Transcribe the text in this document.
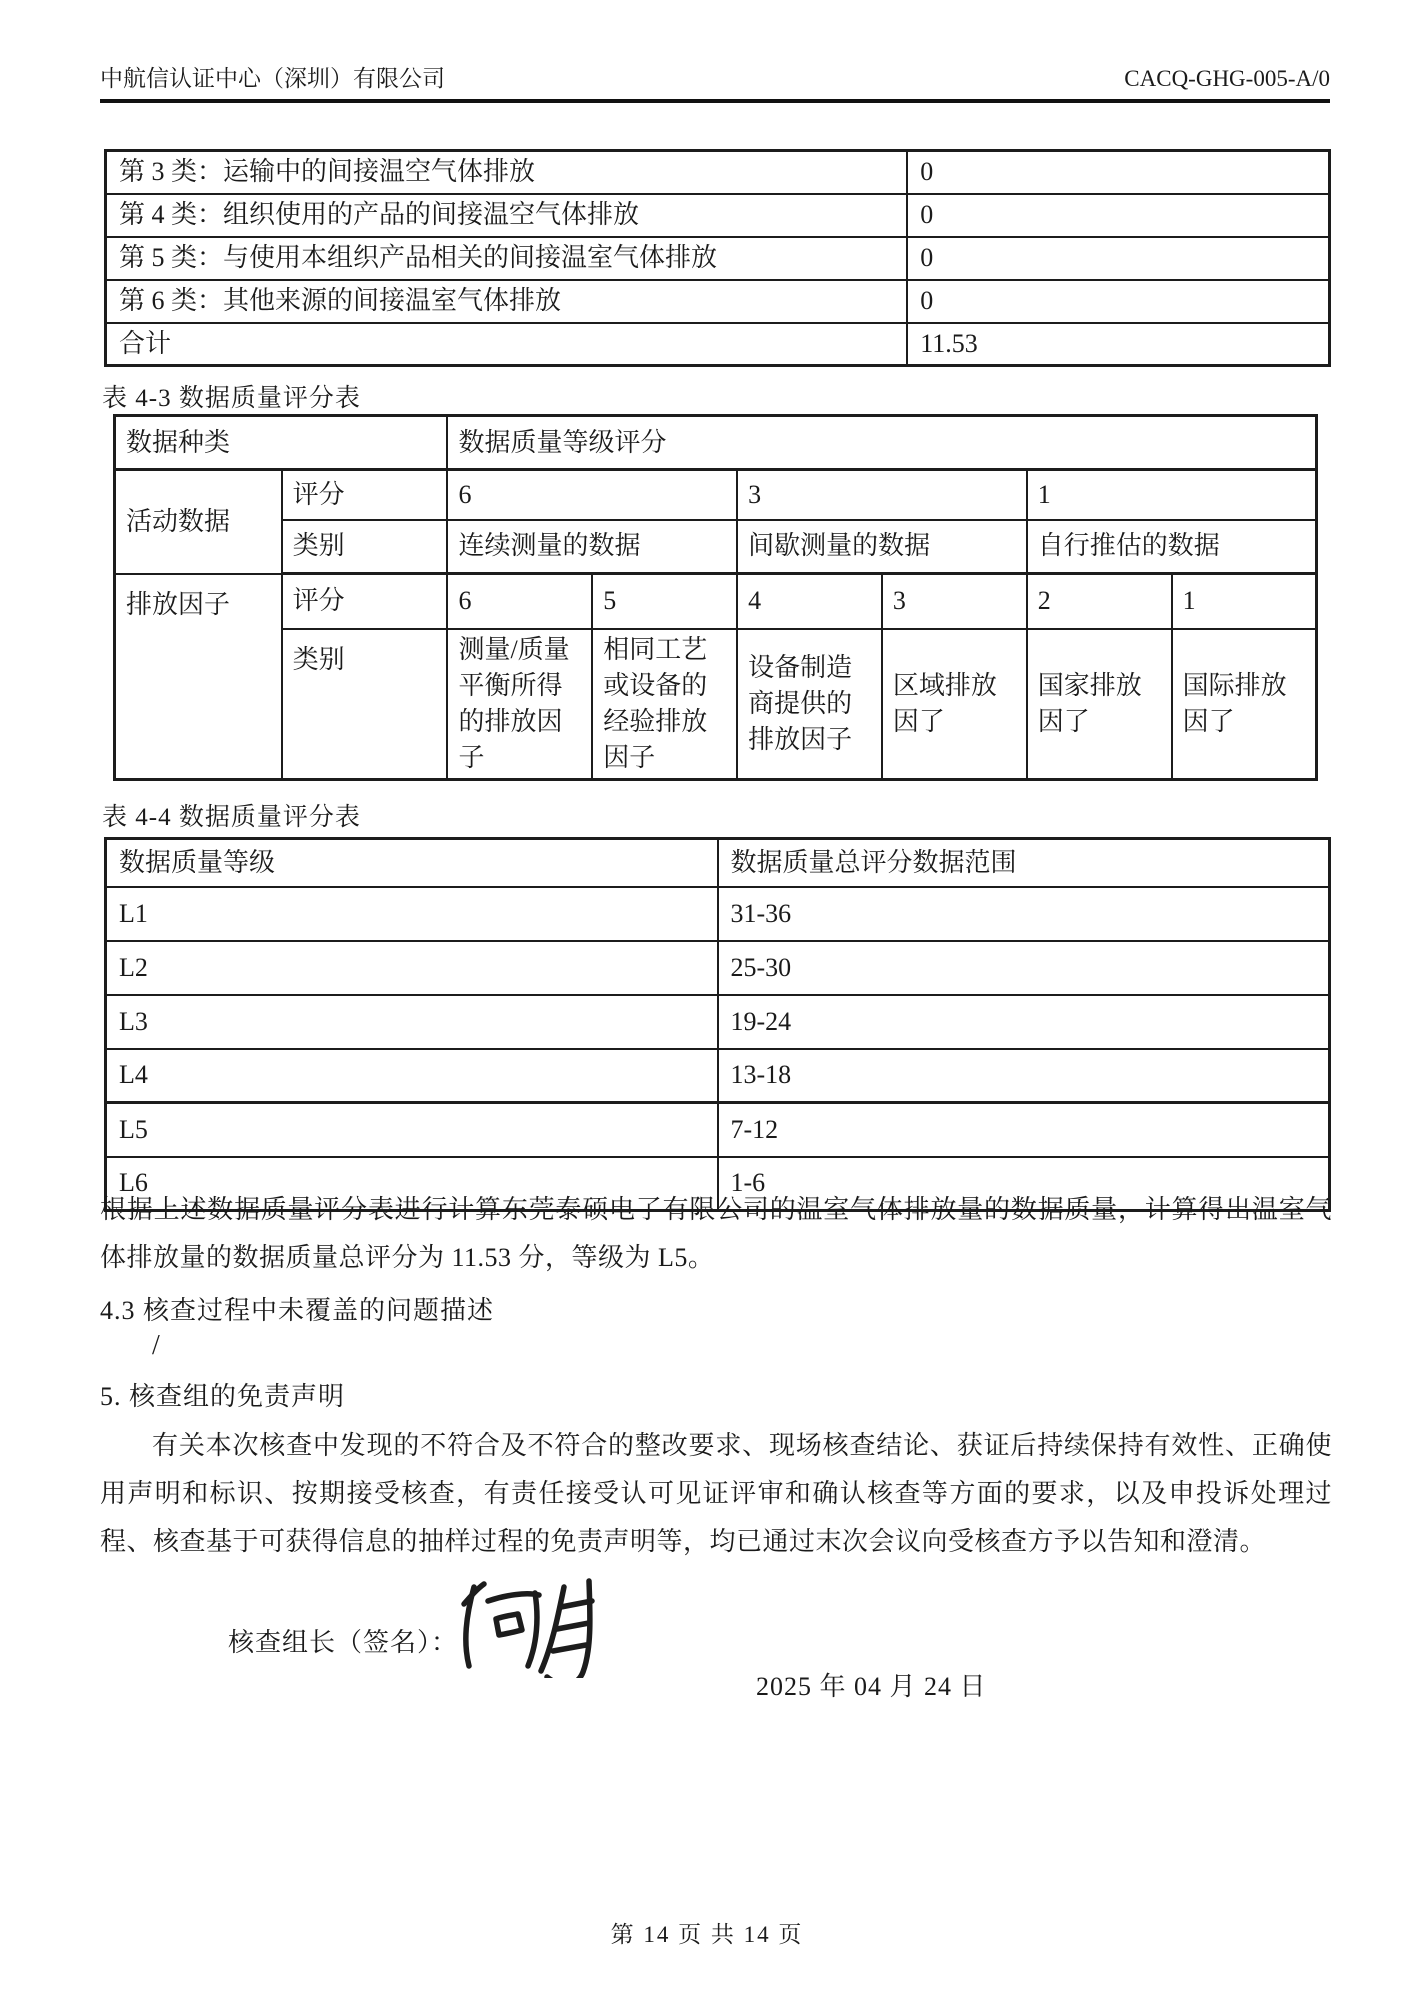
中航信认证中心（深圳）有限公司	CACQ-GHG-005-A/0
第 3 类：运输中的间接温空气体排放	0
第 4 类：组织使用的产品的间接温空气体排放	0
第 5 类：与使用本组织产品相关的间接温室气体排放	0
第 6 类：其他来源的间接温室气体排放	0
合计	11.53
表 4-3 数据质量评分表
数据种类		数据质量等级评分					
活动数据	评分	6		3		1	
	类别	连续测量的数据		间歇测量的数据		自行推估的数据	
排放因子	评分	6	5	4	3	2	1
	类别	测量/质量平衡所得的排放因子	相同工艺或设备的经验排放因子	设备制造商提供的排放因子	区域排放因了	国家排放因了	国际排放因了
表 4-4 数据质量评分表
数据质量等级	数据质量总评分数据范围
L1	31-36
L2	25-30
L3	19-24
L4	13-18
L5	7-12
L6	1-6
根据上述数据质量评分表进行计算东莞泰硕电了有限公司的温室气体排放量的数据质量，计算得出温室气体排放量的数据质量总评分为 11.53 分，等级为 L5。
4.3 核查过程中未覆盖的问题描述
/
5. 核查组的免责声明
有关本次核查中发现的不符合及不符合的整改要求、现场核查结论、获证后持续保持有效性、正确使用声明和标识、按期接受核查，有责任接受认可见证评审和确认核查等方面的要求，以及申投诉处理过程、核查基于可获得信息的抽样过程的免责声明等，均已通过末次会议向受核查方予以告知和澄清。
核查组长（签名）：
2025 年 04 月 24 日
第 14 页 共 14 页
